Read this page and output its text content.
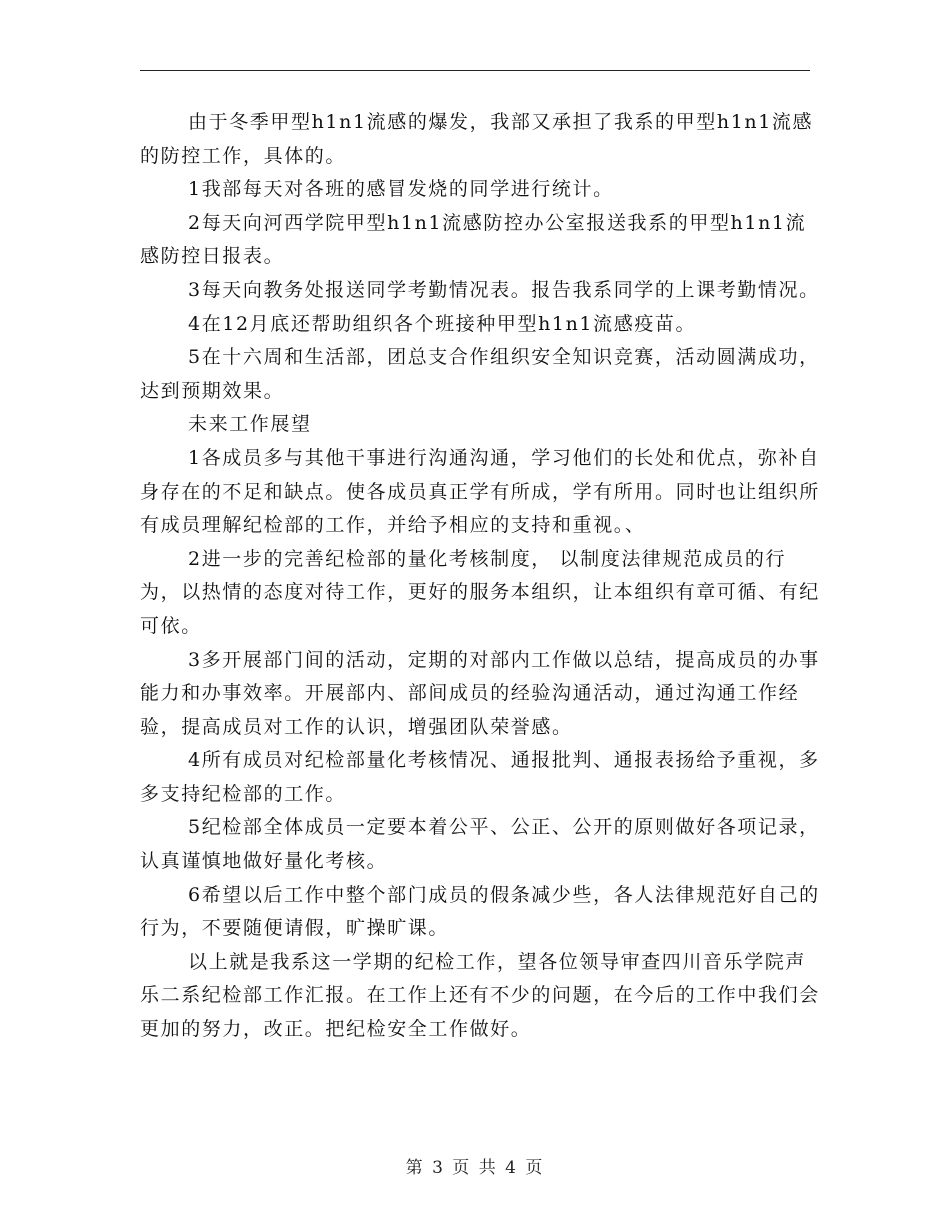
由于冬季甲型h1n1流感的爆发，我部又承担了我系的甲型h1n1流感的防控工作，具体的。

1我部每天对各班的感冒发烧的同学进行统计。

2每天向河西学院甲型h1n1流感防控办公室报送我系的甲型h1n1流感防控日报表。

3每天向教务处报送同学考勤情况表。报告我系同学的上课考勤情况。

4在12月底还帮助组织各个班接种甲型h1n1流感疫苗。

5在十六周和生活部，团总支合作组织安全知识竞赛，活动圆满成功，达到预期效果。

未来工作展望

1各成员多与其他干事进行沟通沟通，学习他们的长处和优点，弥补自身存在的不足和缺点。使各成员真正学有所成，学有所用。同时也让组织所有成员理解纪检部的工作，并给予相应的支持和重视。、

2进一步的完善纪检部的量化考核制度， 以制度法律规范成员的行为，以热情的态度对待工作，更好的服务本组织，让本组织有章可循、有纪可依。

3多开展部门间的活动，定期的对部内工作做以总结，提高成员的办事能力和办事效率。开展部内、部间成员的经验沟通活动，通过沟通工作经验，提高成员对工作的认识，增强团队荣誉感。

4所有成员对纪检部量化考核情况、通报批判、通报表扬给予重视，多多支持纪检部的工作。

5纪检部全体成员一定要本着公平、公正、公开的原则做好各项记录，认真谨慎地做好量化考核。

6希望以后工作中整个部门成员的假条减少些，各人法律规范好自己的行为，不要随便请假，旷操旷课。

以上就是我系这一学期的纪检工作，望各位领导审查四川音乐学院声乐二系纪检部工作汇报。在工作上还有不少的问题，在今后的工作中我们会更加的努力，改正。把纪检安全工作做好。

第 3 页 共 4 页
